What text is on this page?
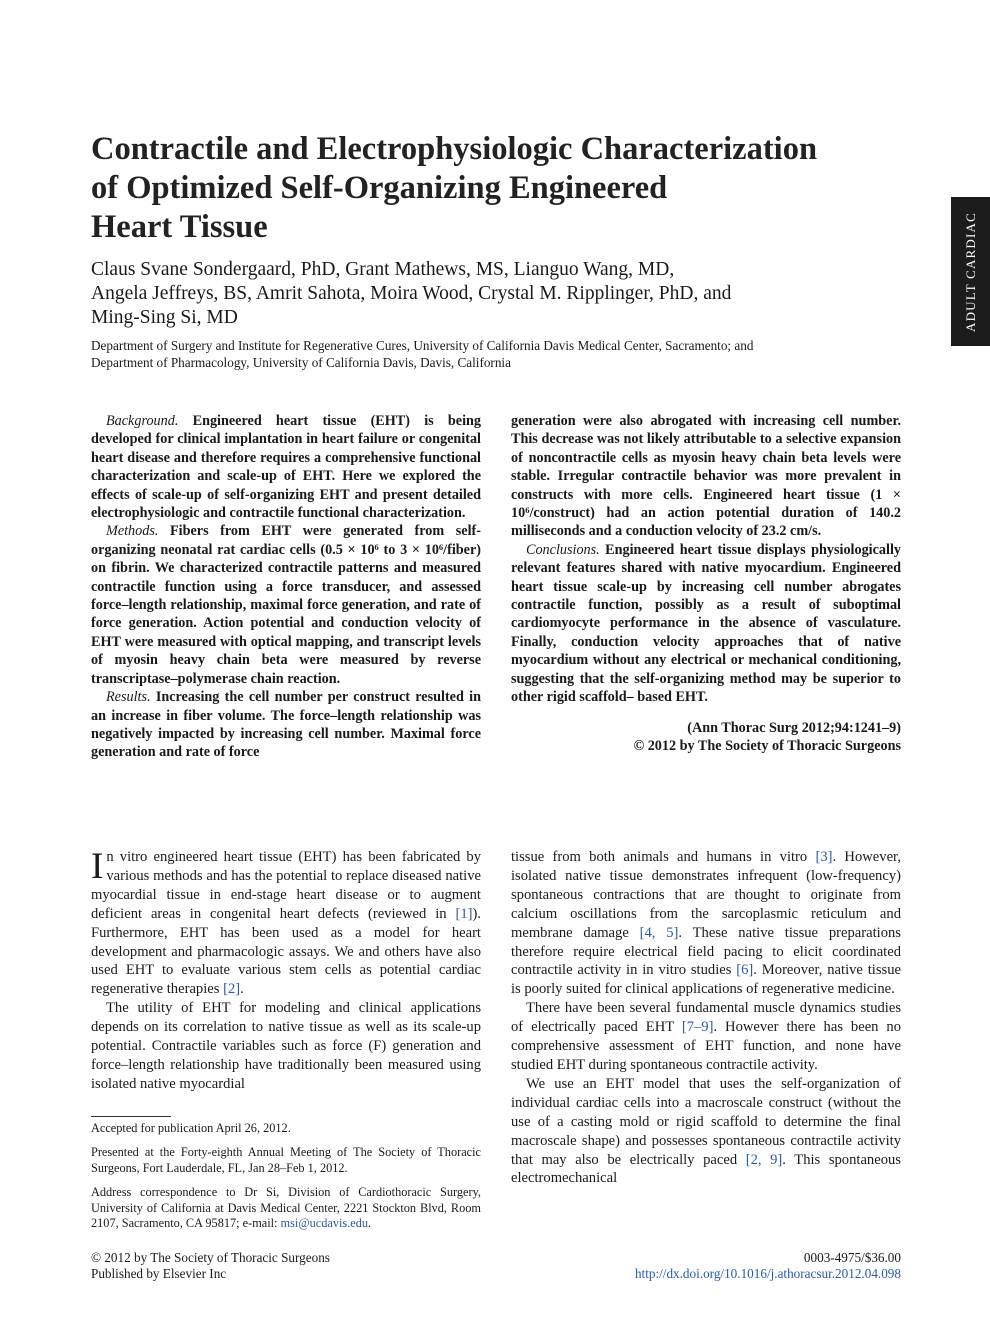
ADULT CARDIAC
Contractile and Electrophysiologic Characterization
of Optimized Self-Organizing Engineered
Heart Tissue
Claus Svane Sondergaard, PhD, Grant Mathews, MS, Lianguo Wang, MD,
Angela Jeffreys, BS, Amrit Sahota, Moira Wood, Crystal M. Ripplinger, PhD, and
Ming-Sing Si, MD
Department of Surgery and Institute for Regenerative Cures, University of California Davis Medical Center, Sacramento; and
Department of Pharmacology, University of California Davis, Davis, California

Background. Engineered heart tissue (EHT) is being developed for clinical implantation in heart failure or congenital heart disease and therefore requires a comprehensive functional characterization and scale-up of EHT. Here we explored the effects of scale-up of self-organizing EHT and present detailed electrophysiologic and contractile functional characterization.

Methods. Fibers from EHT were generated from self-organizing neonatal rat cardiac cells (0.5 × 10⁶ to 3 × 10⁶/fiber) on fibrin. We characterized contractile patterns and measured contractile function using a force transducer, and assessed force–length relationship, maximal force generation, and rate of force generation. Action potential and conduction velocity of EHT were measured with optical mapping, and transcript levels of myosin heavy chain beta were measured by reverse transcriptase–polymerase chain reaction.

Results. Increasing the cell number per construct resulted in an increase in fiber volume. The force–length relationship was negatively impacted by increasing cell number. Maximal force generation and rate of force

generation were also abrogated with increasing cell number. This decrease was not likely attributable to a selective expansion of noncontractile cells as myosin heavy chain beta levels were stable. Irregular contractile behavior was more prevalent in constructs with more cells. Engineered heart tissue (1 × 10⁶/construct) had an action potential duration of 140.2 milliseconds and a conduction velocity of 23.2 cm/s.

Conclusions. Engineered heart tissue displays physiologically relevant features shared with native myocardium. Engineered heart tissue scale-up by increasing cell number abrogates contractile function, possibly as a result of suboptimal cardiomyocyte performance in the absence of vasculature. Finally, conduction velocity approaches that of native myocardium without any electrical or mechanical conditioning, suggesting that the self-organizing method may be superior to other rigid scaffold– based EHT.

(Ann Thorac Surg 2012;94:1241–9)

© 2012 by The Society of Thoracic Surgeons

In vitro engineered heart tissue (EHT) has been fabricated by various methods and has the potential to replace diseased native myocardial tissue in end-stage heart disease or to augment deficient areas in congenital heart defects (reviewed in [1]). Furthermore, EHT has been used as a model for heart development and pharmacologic assays. We and others have also used EHT to evaluate various stem cells as potential cardiac regenerative therapies [2].

The utility of EHT for modeling and clinical applications depends on its correlation to native tissue as well as its scale-up potential. Contractile variables such as force (F) generation and force–length relationship have traditionally been measured using isolated native myocardial

tissue from both animals and humans in vitro [3]. However, isolated native tissue demonstrates infrequent (low-frequency) spontaneous contractions that are thought to originate from calcium oscillations from the sarcoplasmic reticulum and membrane damage [4, 5]. These native tissue preparations therefore require electrical field pacing to elicit coordinated contractile activity in in vitro studies [6]. Moreover, native tissue is poorly suited for clinical applications of regenerative medicine.

There have been several fundamental muscle dynamics studies of electrically paced EHT [7–9]. However there has been no comprehensive assessment of EHT function, and none have studied EHT during spontaneous contractile activity.

We use an EHT model that uses the self-organization of individual cardiac cells into a macroscale construct (without the use of a casting mold or rigid scaffold to determine the final macroscale shape) and possesses spontaneous contractile activity that may also be electrically paced [2, 9]. This spontaneous electromechanical

Accepted for publication April 26, 2012.

Presented at the Forty-eighth Annual Meeting of The Society of Thoracic Surgeons, Fort Lauderdale, FL, Jan 28–Feb 1, 2012.

Address correspondence to Dr Si, Division of Cardiothoracic Surgery, University of California at Davis Medical Center, 2221 Stockton Blvd, Room 2107, Sacramento, CA 95817; e-mail: msi@ucdavis.edu.

© 2012 by The Society of Thoracic Surgeons
Published by Elsevier Inc
0003-4975/$36.00
http://dx.doi.org/10.1016/j.athoracsur.2012.04.098
